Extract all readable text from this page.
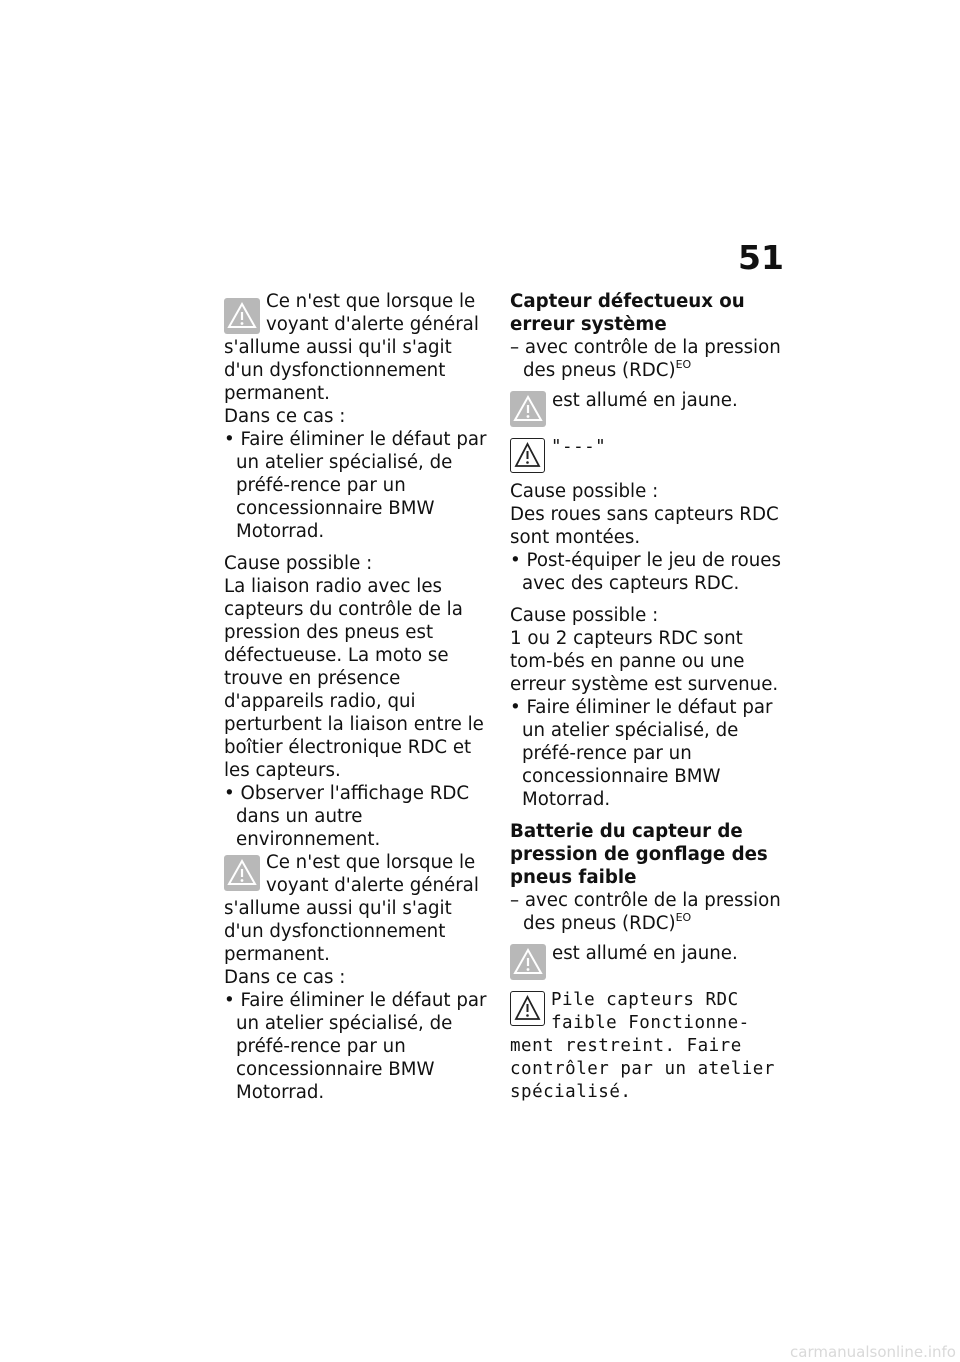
51

Ce n'est que lorsque le voyant d'alerte général s'allume aussi qu'il s'agit d'un dysfonctionnement permanent.

Dans ce cas :

• Faire éliminer le défaut par un atelier spécialisé, de préfé-rence par un concessionnaire BMW Motorrad.

Cause possible :

La liaison radio avec les capteurs du contrôle de la pression des pneus est défectueuse. La moto se trouve en présence d'appareils radio, qui perturbent la liaison entre le boîtier électronique RDC et les capteurs.

• Observer l'affichage RDC dans un autre environnement.

Ce n'est que lorsque le voyant d'alerte général s'allume aussi qu'il s'agit d'un dysfonctionnement permanent.

Dans ce cas :

• Faire éliminer le défaut par un atelier spécialisé, de préfé-rence par un concessionnaire BMW Motorrad.

Capteur défectueux ou erreur système

– avec contrôle de la pression des pneus (RDC)$^{EO}$

est allumé en jaune.

"---"

Cause possible :

Des roues sans capteurs RDC sont montées.

• Post-équiper le jeu de roues avec des capteurs RDC.

Cause possible :

1 ou 2 capteurs RDC sont tom-bés en panne ou une erreur système est survenue.

• Faire éliminer le défaut par un atelier spécialisé, de préfé-rence par un concessionnaire BMW Motorrad.

Batterie du capteur de pression de gonflage des pneus faible

– avec contrôle de la pression des pneus (RDC)$^{EO}$

est allumé en jaune.

Pile capteurs RDC faible Fonctionne-ment restreint. Faire contrôler par un atelier spécialisé.

carmanualsonline.info
